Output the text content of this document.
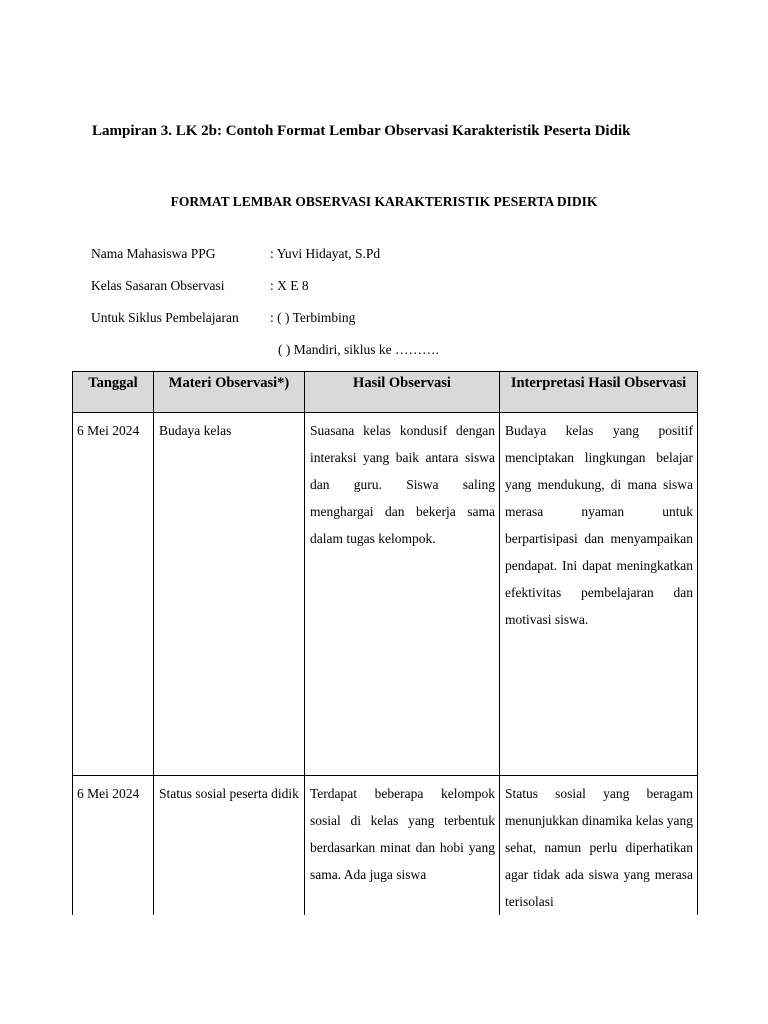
Lampiran 3. LK 2b: Contoh Format Lembar Observasi Karakteristik Peserta Didik
FORMAT LEMBAR OBSERVASI KARAKTERISTIK PESERTA DIDIK
Nama Mahasiswa PPG	: Yuvi Hidayat, S.Pd
Kelas Sasaran Observasi	: X E 8
Untuk Siklus Pembelajaran : ( ) Terbimbing
( ) Mandiri, siklus ke ……….
Tanggal	Materi Observasi*)	Hasil Observasi	Interpretasi Hasil Observasi
6 Mei 2024	Budaya kelas	Suasana kelas kondusif dengan interaksi yang baik antara siswa dan guru. Siswa saling menghargai dan bekerja sama dalam tugas kelompok.	Budaya kelas yang positif menciptakan lingkungan belajar yang mendukung, di mana siswa merasa nyaman untuk berpartisipasi dan menyampaikan pendapat. Ini dapat meningkatkan efektivitas pembelajaran dan motivasi siswa.
6 Mei 2024	Status sosial peserta didik	Terdapat beberapa kelompok sosial di kelas yang terbentuk berdasarkan minat dan hobi yang sama. Ada juga siswa	Status sosial yang beragam menunjukkan dinamika kelas yang sehat, namun perlu diperhatikan agar tidak ada siswa yang merasa terisolasi
